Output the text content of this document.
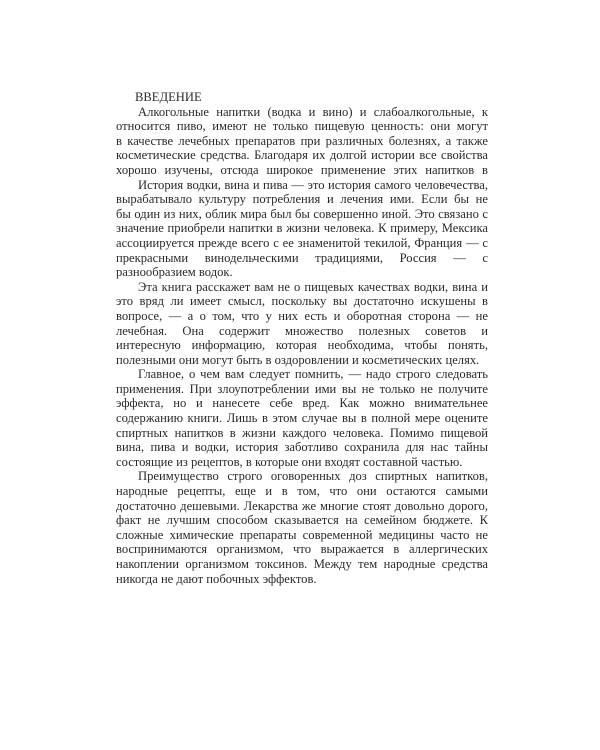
ВВЕДЕНИЕ
Алкогольные напитки (водка и вино) и слабоалкогольные, к
относится пиво, имеют не только пищевую ценность: они могут
в качестве лечебных препаратов при различных болезнях, а также
косметические средства. Благодаря их долгой истории все свойства
хорошо изучены, отсюда широкое применение этих напитков в
История водки, вина и пива — это история самого человечества,
вырабатывало культуру потребления и лечения ими. Если бы не
бы один из них, облик мира был бы совершенно иной. Это связано с
значение приобрели напитки в жизни человека. К примеру, Мексика
ассоциируется прежде всего с ее знаменитой текилой, Франция — с
прекрасными винодельческими традициями, Россия — с
разнообразием водок.
Эта книга расскажет вам не о пищевых качествах водки, вина и
это вряд ли имеет смысл, поскольку вы достаточно искушены в
вопросе, — а о том, что у них есть и оборотная сторона — не
лечебная. Она содержит множество полезных советов и
интересную информацию, которая необходима, чтобы понять,
полезными они могут быть в оздоровлении и косметических целях.
Главное, о чем вам следует помнить, — надо строго следовать
применения. При злоупотреблении ими вы не только не получите
эффекта, но и нанесете себе вред. Как можно внимательнее
содержанию книги. Лишь в этом случае вы в полной мере оцените
спиртных напитков в жизни каждого человека. Помимо пищевой
вина, пива и водки, история заботливо сохранила для нас тайны
состоящие из рецептов, в которые они входят составной частью.
Преимущество строго оговоренных доз спиртных напитков,
народные рецепты, еще и в том, что они остаются самыми
достаточно дешевыми. Лекарства же многие стоят довольно дорого,
факт не лучшим способом сказывается на семейном бюджете. К
сложные химические препараты современной медицины часто не
воспринимаются организмом, что выражается в аллергических
накоплении организмом токсинов. Между тем народные средства
никогда не дают побочных эффектов.
